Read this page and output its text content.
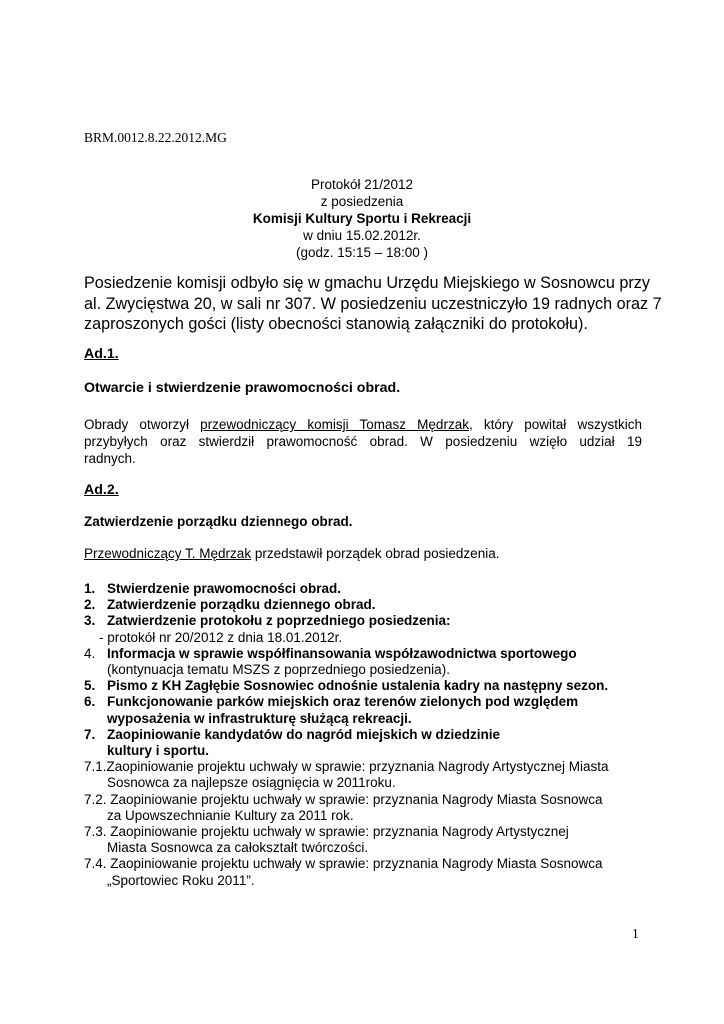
BRM.0012.8.22.2012.MG
Protokół 21/2012
z posiedzenia
Komisji Kultury Sportu i Rekreacji
w dniu 15.02.2012r.
(godz. 15:15 – 18:00 )
Posiedzenie komisji odbyło się w gmachu Urzędu Miejskiego w Sosnowcu przy
al. Zwycięstwa 20, w sali nr 307. W posiedzeniu uczestniczyło 19 radnych oraz 7
zaproszonych gości (listy obecności stanowią załączniki do protokołu).
Ad.1.
Otwarcie i stwierdzenie prawomocności obrad.
Obrady otworzył przewodniczący komisji Tomasz Mędrzak, który powitał wszystkich
przybyłych oraz stwierdził prawomocność obrad. W posiedzeniu wzięło udział 19
radnych.
Ad.2.
Zatwierdzenie porządku dziennego obrad.
Przewodniczący T. Mędrzak przedstawił porządek obrad posiedzenia.
1. Stwierdzenie prawomocności obrad.
2. Zatwierdzenie porządku dziennego obrad.
3. Zatwierdzenie protokołu z poprzedniego posiedzenia:
- protokół nr 20/2012 z dnia 18.01.2012r.
4. Informacja w sprawie współfinansowania współzawodnictwa sportowego
(kontynuacja tematu MSZS z poprzedniego posiedzenia).
5. Pismo z KH Zagłębie Sosnowiec odnośnie ustalenia kadry na następny sezon.
6. Funkcjonowanie parków miejskich oraz terenów zielonych pod względem
wyposażenia w infrastrukturę służącą rekreacji.
7. Zaopiniowanie kandydatów do nagród miejskich w dziedzinie
kultury i sportu.
7.1.Zaopiniowanie projektu uchwały w sprawie: przyznania Nagrody Artystycznej Miasta
Sosnowca za najlepsze osiągnięcia w 2011roku.
7.2. Zaopiniowanie projektu uchwały w sprawie: przyznania Nagrody Miasta Sosnowca
za Upowszechnianie Kultury za 2011 rok.
7.3. Zaopiniowanie projektu uchwały w sprawie: przyznania Nagrody Artystycznej
Miasta Sosnowca za całokształt twórczości.
7.4. Zaopiniowanie projektu uchwały w sprawie: przyznania Nagrody Miasta Sosnowca
„Sportowiec Roku 2011”.
1
